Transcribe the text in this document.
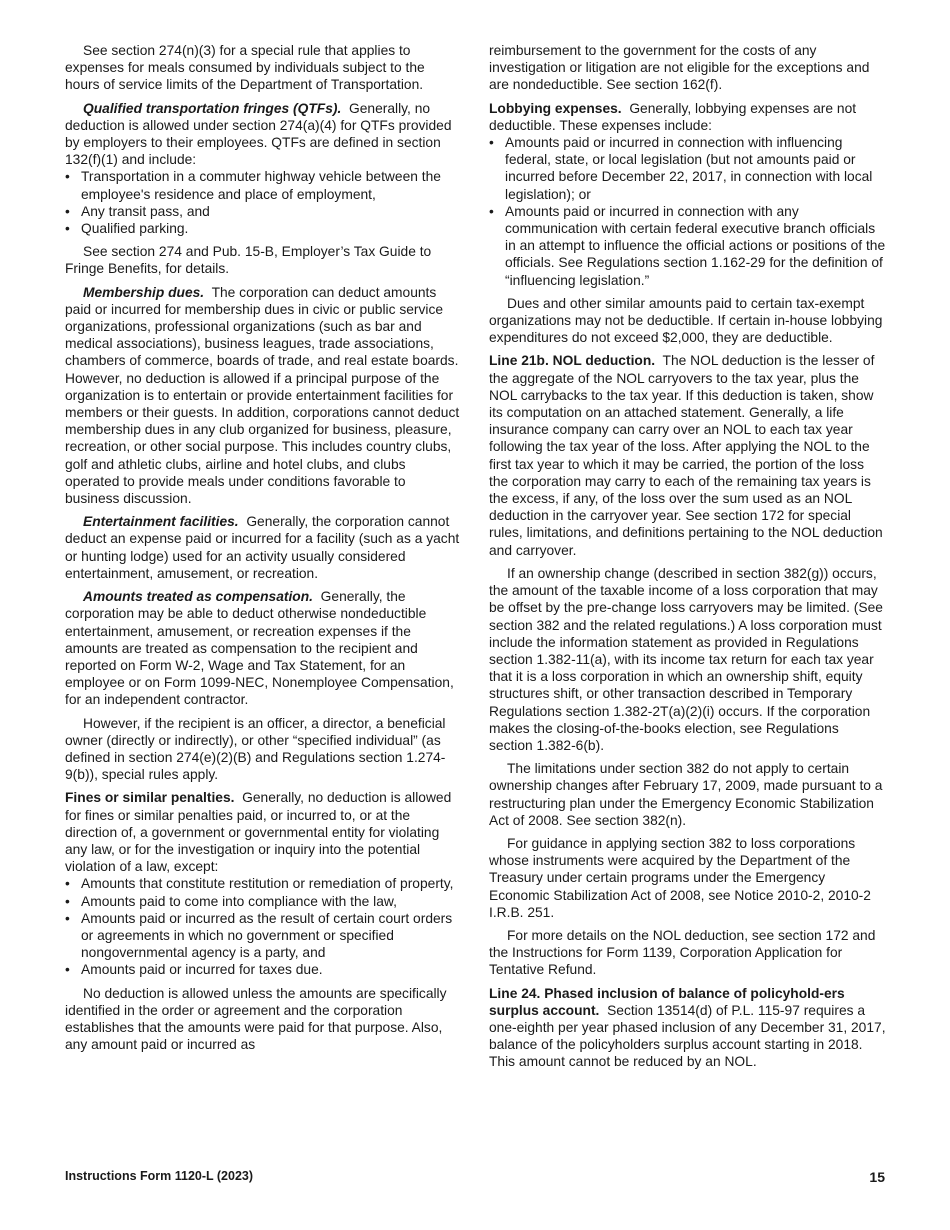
See section 274(n)(3) for a special rule that applies to expenses for meals consumed by individuals subject to the hours of service limits of the Department of Transportation.

Qualified transportation fringes (QTFs). Generally, no deduction is allowed under section 274(a)(4) for QTFs provided by employers to their employees. QTFs are defined in section 132(f)(1) and include:

• Transportation in a commuter highway vehicle between the employee's residence and place of employment,
• Any transit pass, and
• Qualified parking.

See section 274 and Pub. 15-B, Employer’s Tax Guide to Fringe Benefits, for details.

Membership dues. The corporation can deduct amounts paid or incurred for membership dues in civic or public service organizations, professional organizations (such as bar and medical associations), business leagues, trade associations, chambers of commerce, boards of trade, and real estate boards. However, no deduction is allowed if a principal purpose of the organization is to entertain or provide entertainment facilities for members or their guests. In addition, corporations cannot deduct membership dues in any club organized for business, pleasure, recreation, or other social purpose. This includes country clubs, golf and athletic clubs, airline and hotel clubs, and clubs operated to provide meals under conditions favorable to business discussion.

Entertainment facilities. Generally, the corporation cannot deduct an expense paid or incurred for a facility (such as a yacht or hunting lodge) used for an activity usually considered entertainment, amusement, or recreation.

Amounts treated as compensation. Generally, the corporation may be able to deduct otherwise nondeductible entertainment, amusement, or recreation expenses if the amounts are treated as compensation to the recipient and reported on Form W-2, Wage and Tax Statement, for an employee or on Form 1099-NEC, Nonemployee Compensation, for an independent contractor.

However, if the recipient is an officer, a director, a beneficial owner (directly or indirectly), or other “specified individual” (as defined in section 274(e)(2)(B) and Regulations section 1.274-9(b)), special rules apply.

Fines or similar penalties. Generally, no deduction is allowed for fines or similar penalties paid, or incurred to, or at the direction of, a government or governmental entity for violating any law, or for the investigation or inquiry into the potential violation of a law, except:

• Amounts that constitute restitution or remediation of property,
• Amounts paid to come into compliance with the law,
• Amounts paid or incurred as the result of certain court orders or agreements in which no government or specified nongovernmental agency is a party, and
• Amounts paid or incurred for taxes due.

No deduction is allowed unless the amounts are specifically identified in the order or agreement and the corporation establishes that the amounts were paid for that purpose. Also, any amount paid or incurred as

reimbursement to the government for the costs of any investigation or litigation are not eligible for the exceptions and are nondeductible. See section 162(f).

Lobbying expenses. Generally, lobbying expenses are not deductible. These expenses include:

• Amounts paid or incurred in connection with influencing federal, state, or local legislation (but not amounts paid or incurred before December 22, 2017, in connection with local legislation); or
• Amounts paid or incurred in connection with any communication with certain federal executive branch officials in an attempt to influence the official actions or positions of the officials. See Regulations section 1.162-29 for the definition of “influencing legislation.”

Dues and other similar amounts paid to certain tax-exempt organizations may not be deductible. If certain in-house lobbying expenditures do not exceed $2,000, they are deductible.

Line 21b. NOL deduction. The NOL deduction is the lesser of the aggregate of the NOL carryovers to the tax year, plus the NOL carrybacks to the tax year. If this deduction is taken, show its computation on an attached statement. Generally, a life insurance company can carry over an NOL to each tax year following the tax year of the loss. After applying the NOL to the first tax year to which it may be carried, the portion of the loss the corporation may carry to each of the remaining tax years is the excess, if any, of the loss over the sum used as an NOL deduction in the carryover year. See section 172 for special rules, limitations, and definitions pertaining to the NOL deduction and carryover.

If an ownership change (described in section 382(g)) occurs, the amount of the taxable income of a loss corporation that may be offset by the pre-change loss carryovers may be limited. (See section 382 and the related regulations.) A loss corporation must include the information statement as provided in Regulations section 1.382-11(a), with its income tax return for each tax year that it is a loss corporation in which an ownership shift, equity structures shift, or other transaction described in Temporary Regulations section 1.382-2T(a)(2)(i) occurs. If the corporation makes the closing-of-the-books election, see Regulations section 1.382-6(b).

The limitations under section 382 do not apply to certain ownership changes after February 17, 2009, made pursuant to a restructuring plan under the Emergency Economic Stabilization Act of 2008. See section 382(n).

For guidance in applying section 382 to loss corporations whose instruments were acquired by the Department of the Treasury under certain programs under the Emergency Economic Stabilization Act of 2008, see Notice 2010-2, 2010-2 I.R.B. 251.

For more details on the NOL deduction, see section 172 and the Instructions for Form 1139, Corporation Application for Tentative Refund.

Line 24. Phased inclusion of balance of policyhold-ers surplus account. Section 13514(d) of P.L. 115-97 requires a one-eighth per year phased inclusion of any December 31, 2017, balance of the policyholders surplus account starting in 2018. This amount cannot be reduced by an NOL.

Instructions Form 1120-L (2023)	15
